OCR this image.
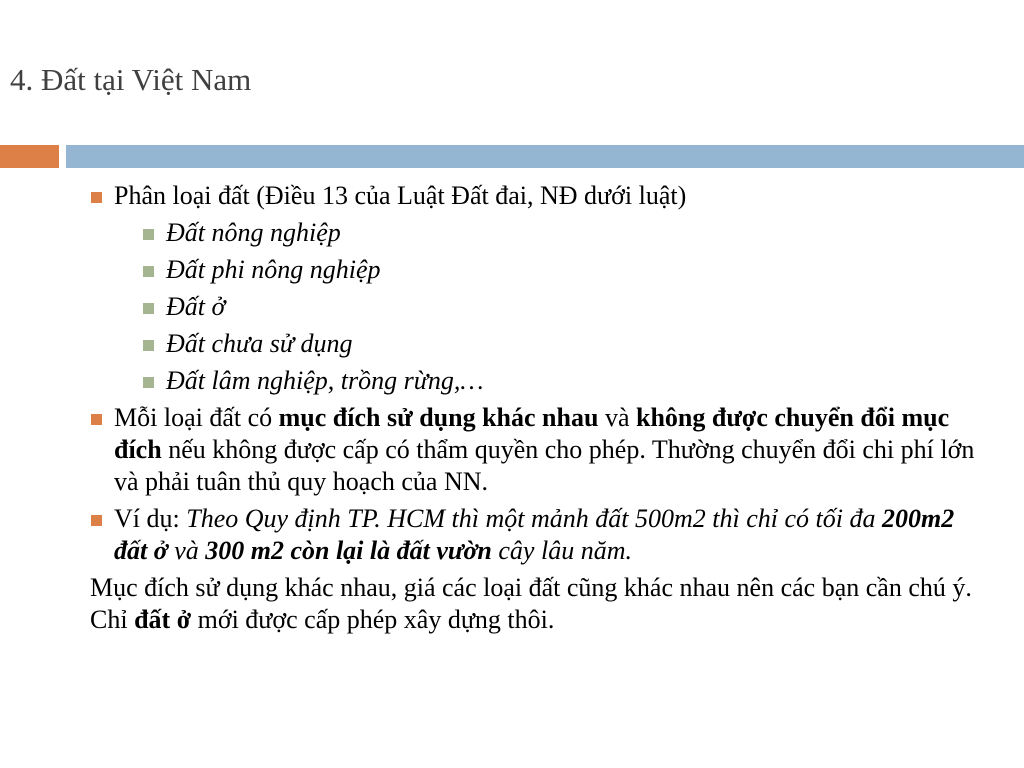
4. Đất tại Việt Nam
Phân loại đất (Điều 13 của Luật Đất đai, NĐ dưới luật)
Đất nông nghiệp
Đất phi nông nghiệp
Đất ở
Đất chưa sử dụng
Đất lâm nghiệp, trồng rừng,…
Mỗi loại đất có mục đích sử dụng khác nhau và không được chuyển đổi mục đích nếu không được cấp có thẩm quyền cho phép. Thường chuyển đổi chi phí lớn và phải tuân thủ quy hoạch của NN.
Ví dụ: Theo Quy định TP. HCM thì một mảnh đất 500m2 thì chỉ có tối đa 200m2 đất ở và 300 m2 còn lại là đất vườn cây lâu năm.
Mục đích sử dụng khác nhau, giá các loại đất cũng khác nhau nên các bạn cần chú ý. Chỉ đất ở mới được cấp phép xây dựng thôi.
